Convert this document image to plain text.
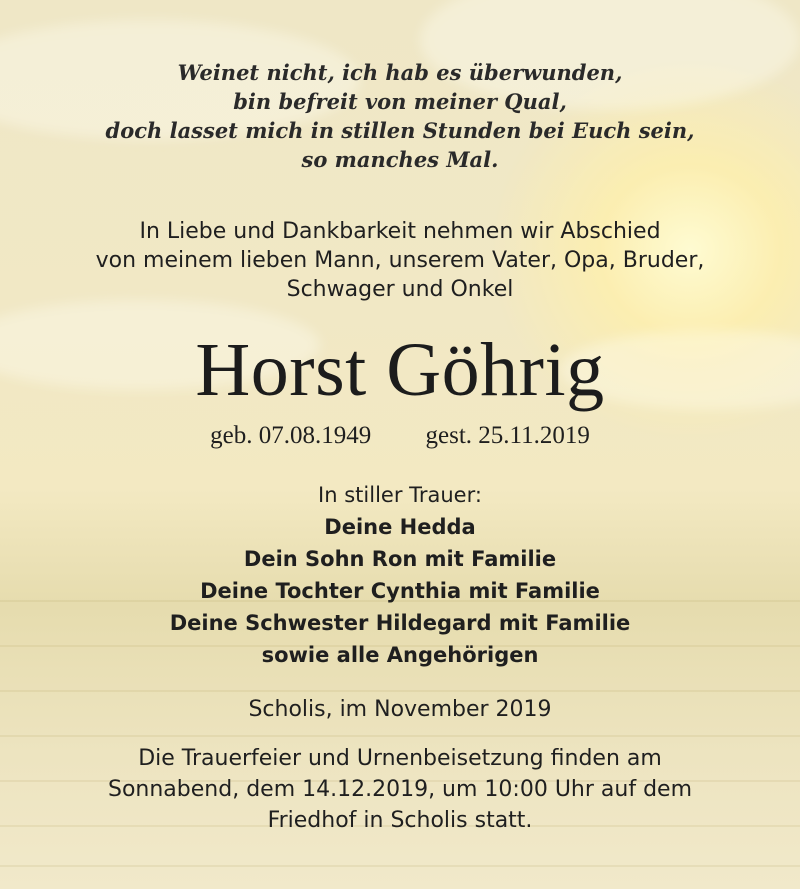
Weinet nicht, ich hab es überwunden,
bin befreit von meiner Qual,
doch lasset mich in stillen Stunden bei Euch sein,
so manches Mal.
In Liebe und Dankbarkeit nehmen wir Abschied
von meinem lieben Mann, unserem Vater, Opa, Bruder,
Schwager und Onkel
Horst Göhrig
geb. 07.08.1949 gest. 25.11.2019
In stiller Trauer:
Deine Hedda
Dein Sohn Ron mit Familie
Deine Tochter Cynthia mit Familie
Deine Schwester Hildegard mit Familie
sowie alle Angehörigen
Scholis, im November 2019
Die Trauerfeier und Urnenbeisetzung finden am
Sonnabend, dem 14.12.2019, um 10:00 Uhr auf dem
Friedhof in Scholis statt.
